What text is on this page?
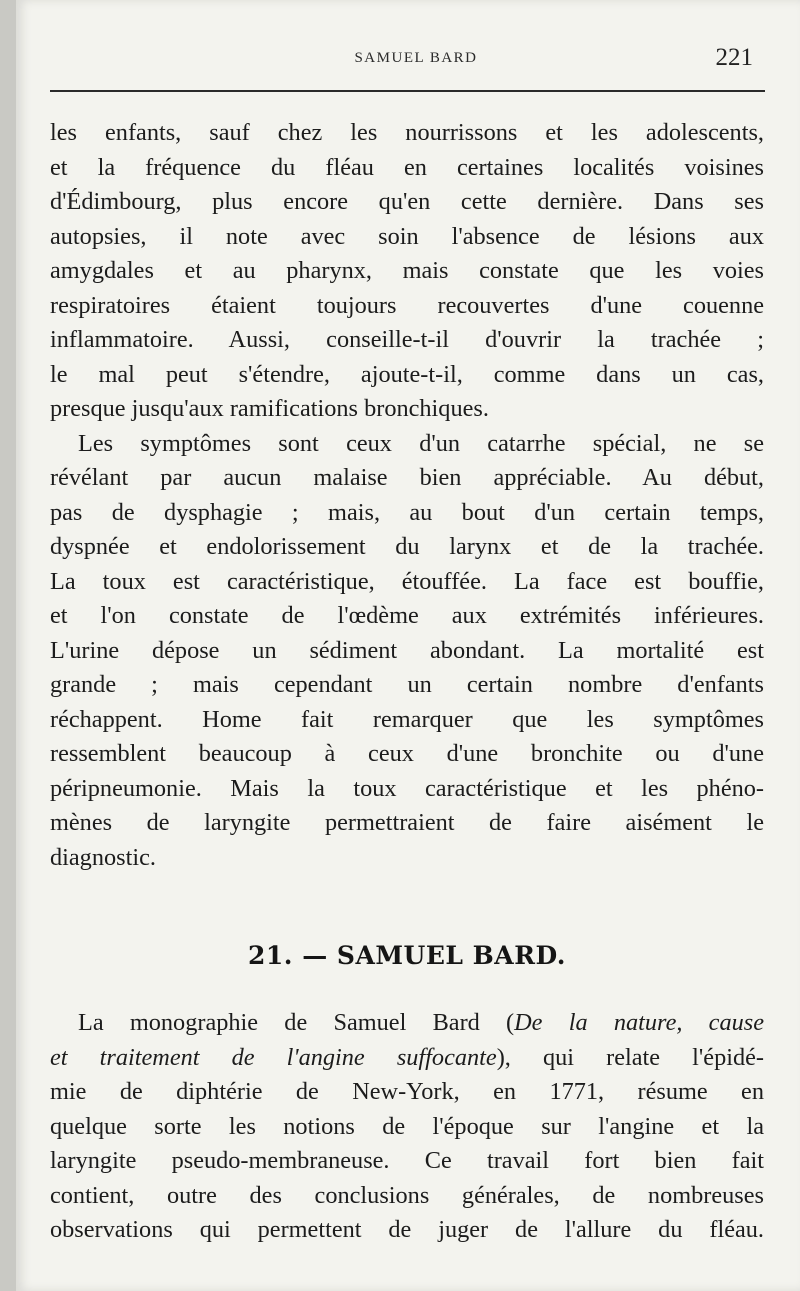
SAMUEL BARD	221
les enfants, sauf chez les nourrissons et les adolescents,
et la fréquence du fléau en certaines localités voisines
d'Édimbourg, plus encore qu'en cette dernière. Dans ses
autopsies, il note avec soin l'absence de lésions aux
amygdales et au pharynx, mais constate que les voies
respiratoires étaient toujours recouvertes d'une couenne
inflammatoire. Aussi, conseille-t-il d'ouvrir la trachée ;
le mal peut s'étendre, ajoute-t-il, comme dans un cas,
presque jusqu'aux ramifications bronchiques.
Les symptômes sont ceux d'un catarrhe spécial, ne se
révélant par aucun malaise bien appréciable. Au début,
pas de dysphagie ; mais, au bout d'un certain temps,
dyspnée et endolorissement du larynx et de la trachée.
La toux est caractéristique, étouffée. La face est bouffie,
et l'on constate de l'œdème aux extrémités inférieures.
L'urine dépose un sédiment abondant. La mortalité est
grande ; mais cependant un certain nombre d'enfants
réchappent. Home fait remarquer que les symptômes
ressemblent beaucoup à ceux d'une bronchite ou d'une
péripneumonie. Mais la toux caractéristique et les phéno-
mènes de laryngite permettraient de faire aisément le
diagnostic.
21. — SAMUEL BARD.
La monographie de Samuel Bard (De la nature, cause
et traitement de l'angine suffocante), qui relate l'épidé-
mie de diphtérie de New-York, en 1771, résume en
quelque sorte les notions de l'époque sur l'angine et la
laryngite pseudo-membraneuse. Ce travail fort bien fait
contient, outre des conclusions générales, de nombreuses
observations qui permettent de juger de l'allure du fléau.
